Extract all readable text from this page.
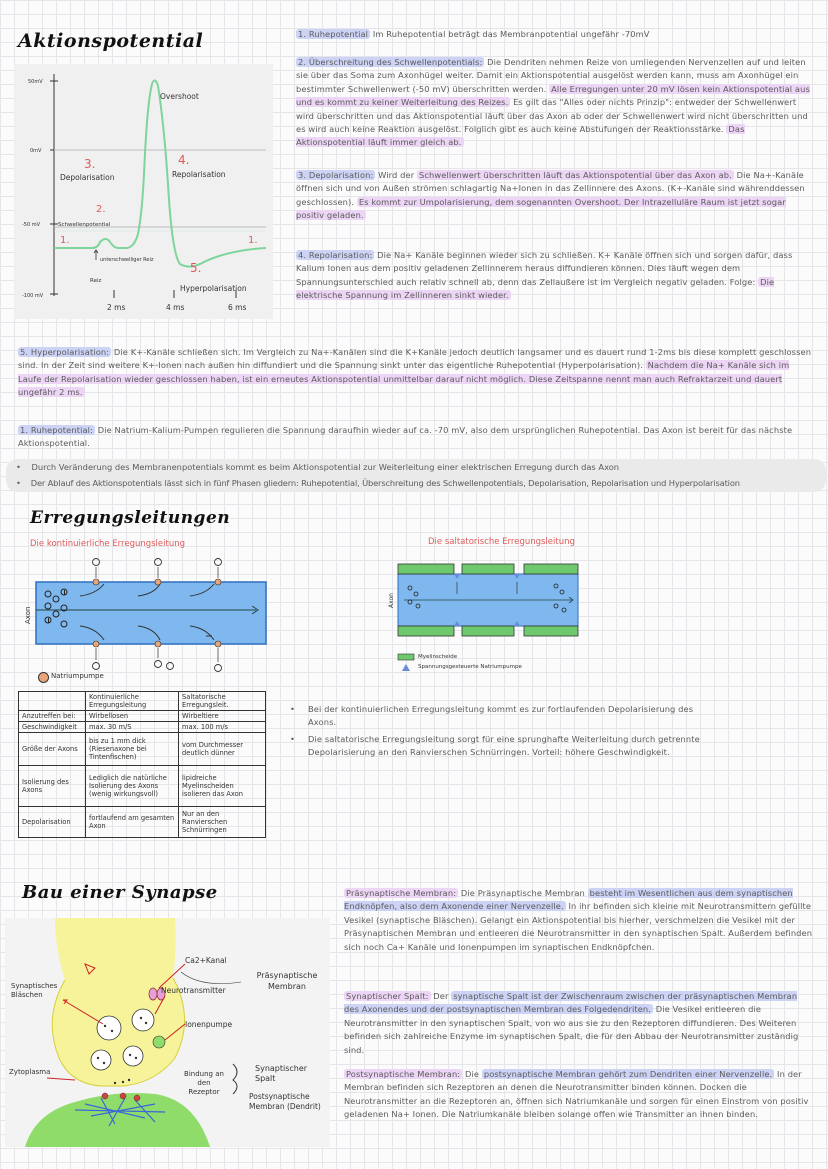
Aktionspotential
50mV
0mV
-50 mV
-100 mV
2 ms	4 ms	6 ms
Overshoot
1.	1.
2.
Schwellenpotential
3.
Depolarisation
4.
Repolarisation
5.
Hyperpolarisation
unterschwelliger Reiz
Reiz
1. Ruhepotential Im Ruhepotential beträgt das Membranpotential ungefähr -70mV
2. Überschreitung des Schwellenpotentials: Die Dendriten nehmen Reize von umliegenden Nervenzellen auf und leiten sie über das Soma zum Axonhügel weiter. Damit ein Aktionspotential ausgelöst werden kann, muss am Axonhügel ein bestimmter Schwellenwert (-50 mV) überschritten werden. Alle Erregungen unter 20 mV lösen kein Aktionspotential aus und es kommt zu keiner Weiterleitung des Reizes. Es gilt das "Alles oder nichts Prinzip": entweder der Schwellenwert wird überschritten und das Aktionspotential läuft über das Axon ab oder der Schwellenwert wird nicht überschritten und es wird auch keine Reaktion ausgelöst. Folglich gibt es auch keine Abstufungen der Reaktionsstärke. Das Aktionspotential läuft immer gleich ab.
3. Depolarisation: Wird der Schwellenwert überschritten läuft das Aktionspotential über das Axon ab. Die Na+-Kanäle öffnen sich und von Außen strömen schlagartig Na+Ionen in das Zellinnere des Axons. (K+-Kanäle sind währenddessen geschlossen). Es kommt zur Umpolarisierung, dem sogenannten Overshoot. Der Intrazelluläre Raum ist jetzt sogar positiv geladen.
4. Repolarisation: Die Na+ Kanäle beginnen wieder sich zu schließen. K+ Kanäle öffnen sich und sorgen dafür, dass Kalium Ionen aus dem positiv geladenen Zellinnerem heraus diffundieren können. Dies läuft wegen dem Spannungsunterschied auch relativ schnell ab, denn das Zellaußere ist im Vergleich negativ geladen. Folge: Die elektrische Spannung im Zellinneren sinkt wieder.
5. Hyperpolarisation: Die K+-Kanäle schließen sich. Im Vergleich zu Na+-Kanälen sind die K+Kanäle jedoch deutlich langsamer und es dauert rund 1-2ms bis diese komplett geschlossen sind. In der Zeit sind weitere K+-Ionen nach außen hin diffundiert und die Spannung sinkt unter das eigentliche Ruhepotential (Hyperpolarisation). Nachdem die Na+ Kanäle sich im Laufe der Repolarisation wieder geschlossen haben, ist ein erneutes Aktionspotential unmittelbar darauf nicht möglich. Diese Zeitspanne nennt man auch Refraktarzeit und dauert ungefähr 2 ms.
1. Ruhepotential: Die Natrium-Kalium-Pumpen regulieren die Spannung daraufhin wieder auf ca. -70 mV, also dem ursprünglichen Ruhepotential. Das Axon ist bereit für das nächste Aktionspotential.
•    Durch Veränderung des Membranenpotentials kommt es beim Aktionspotential zur Weiterleitung einer elektrischen Erregung durch das Axon
•    Der Ablauf des Aktionspotentials lässt sich in fünf Phasen gliedern: Ruhepotential, Überschreitung des Schwellenpotentials, Depolarisation, Repolarisation und Hyperpolarisation
Erregungsleitungen
Die kontinuierliche Erregungsleitung	Die saltatorische Erregungsleitung
Axon
Natriumpumpe
Axon
Myelinscheide
Spannungsgesteuerte Natriumpumpe
	Kontinuierliche Erregungsleitung	Saltatorische Erregungsleit.
Anzutreffen bei:	Wirbellosen	Wirbeltiere
Geschwindigkeit	max. 30 m/S	max. 100 m/s
Größe der Axons	bis zu 1 mm dick (Riesenaxone bei Tintenfischen)	vom Durchmesser deutlich dünner
Isolierung des Axons	Lediglich die natürliche Isolierung des Axons (wenig wirkungsvoll)	lipidreiche Myelinscheiden isolieren das Axon
Depolarisation	fortlaufend am gesamten Axon	Nur an den Ranvierschen Schnürringen
•	Bei der kontinuierlichen Erregungsleitung kommt es zur fortlaufenden Depolarisierung des Axons.
•	Die saltatorische Erregungsleitung sorgt für eine sprunghafte Weiterleitung durch getrennte Depolarisierung an den Ranvierschen Schnürringen. Vorteil: höhere Geschwindigkeit.
Bau einer Synapse
Ca2+Kanal
Neurotransmitter
Präsynaptische Membran
Synaptisches Bläschen
Ionenpumpe
Zytoplasma	Bindung an den Rezeptor
Synaptischer Spalt
Postsynaptische Membran (Dendrit)
Präsynaptische Membran: Die Präsynaptische Membran besteht im Wesentlichen aus dem synaptischen Endknöpfen, also dem Axonende einer Nervenzelle. In ihr befinden sich kleine mit Neurotransmittern gefüllte Vesikel (synaptische Bläschen). Gelangt ein Aktionspotential bis hierher, verschmelzen die Vesikel mit der Präsynaptischen Membran und entleeren die Neurotransmitter in den synaptischen Spalt. Außerdem befinden sich noch Ca+ Kanäle und Ionenpumpen im synaptischen Endknöpfchen.
Synaptischer Spalt: Der synaptische Spalt ist der Zwischenraum zwischen der präsynaptischen Membran des Axonendes und der postsynaptischen Membran des Folgedendriten. Die Vesikel entleeren die Neurotransmitter in den synaptischen Spalt, von wo aus sie zu den Rezeptoren diffundieren. Des Weiteren befinden sich zahlreiche Enzyme im synaptischen Spalt, die für den Abbau der Neurotransmitter zuständig sind.
Postsynaptische Membran: Die postsynaptische Membran gehört zum Dendriten einer Nervenzelle. In der Membran befinden sich Rezeptoren an denen die Neurotransmitter binden können. Docken die Neurotransmitter an die Rezeptoren an, öffnen sich Natriumkanäle und sorgen für einen Einstrom von positiv geladenen Na+ Ionen. Die Natriumkanäle bleiben solange offen wie Transmitter an ihnen binden.
